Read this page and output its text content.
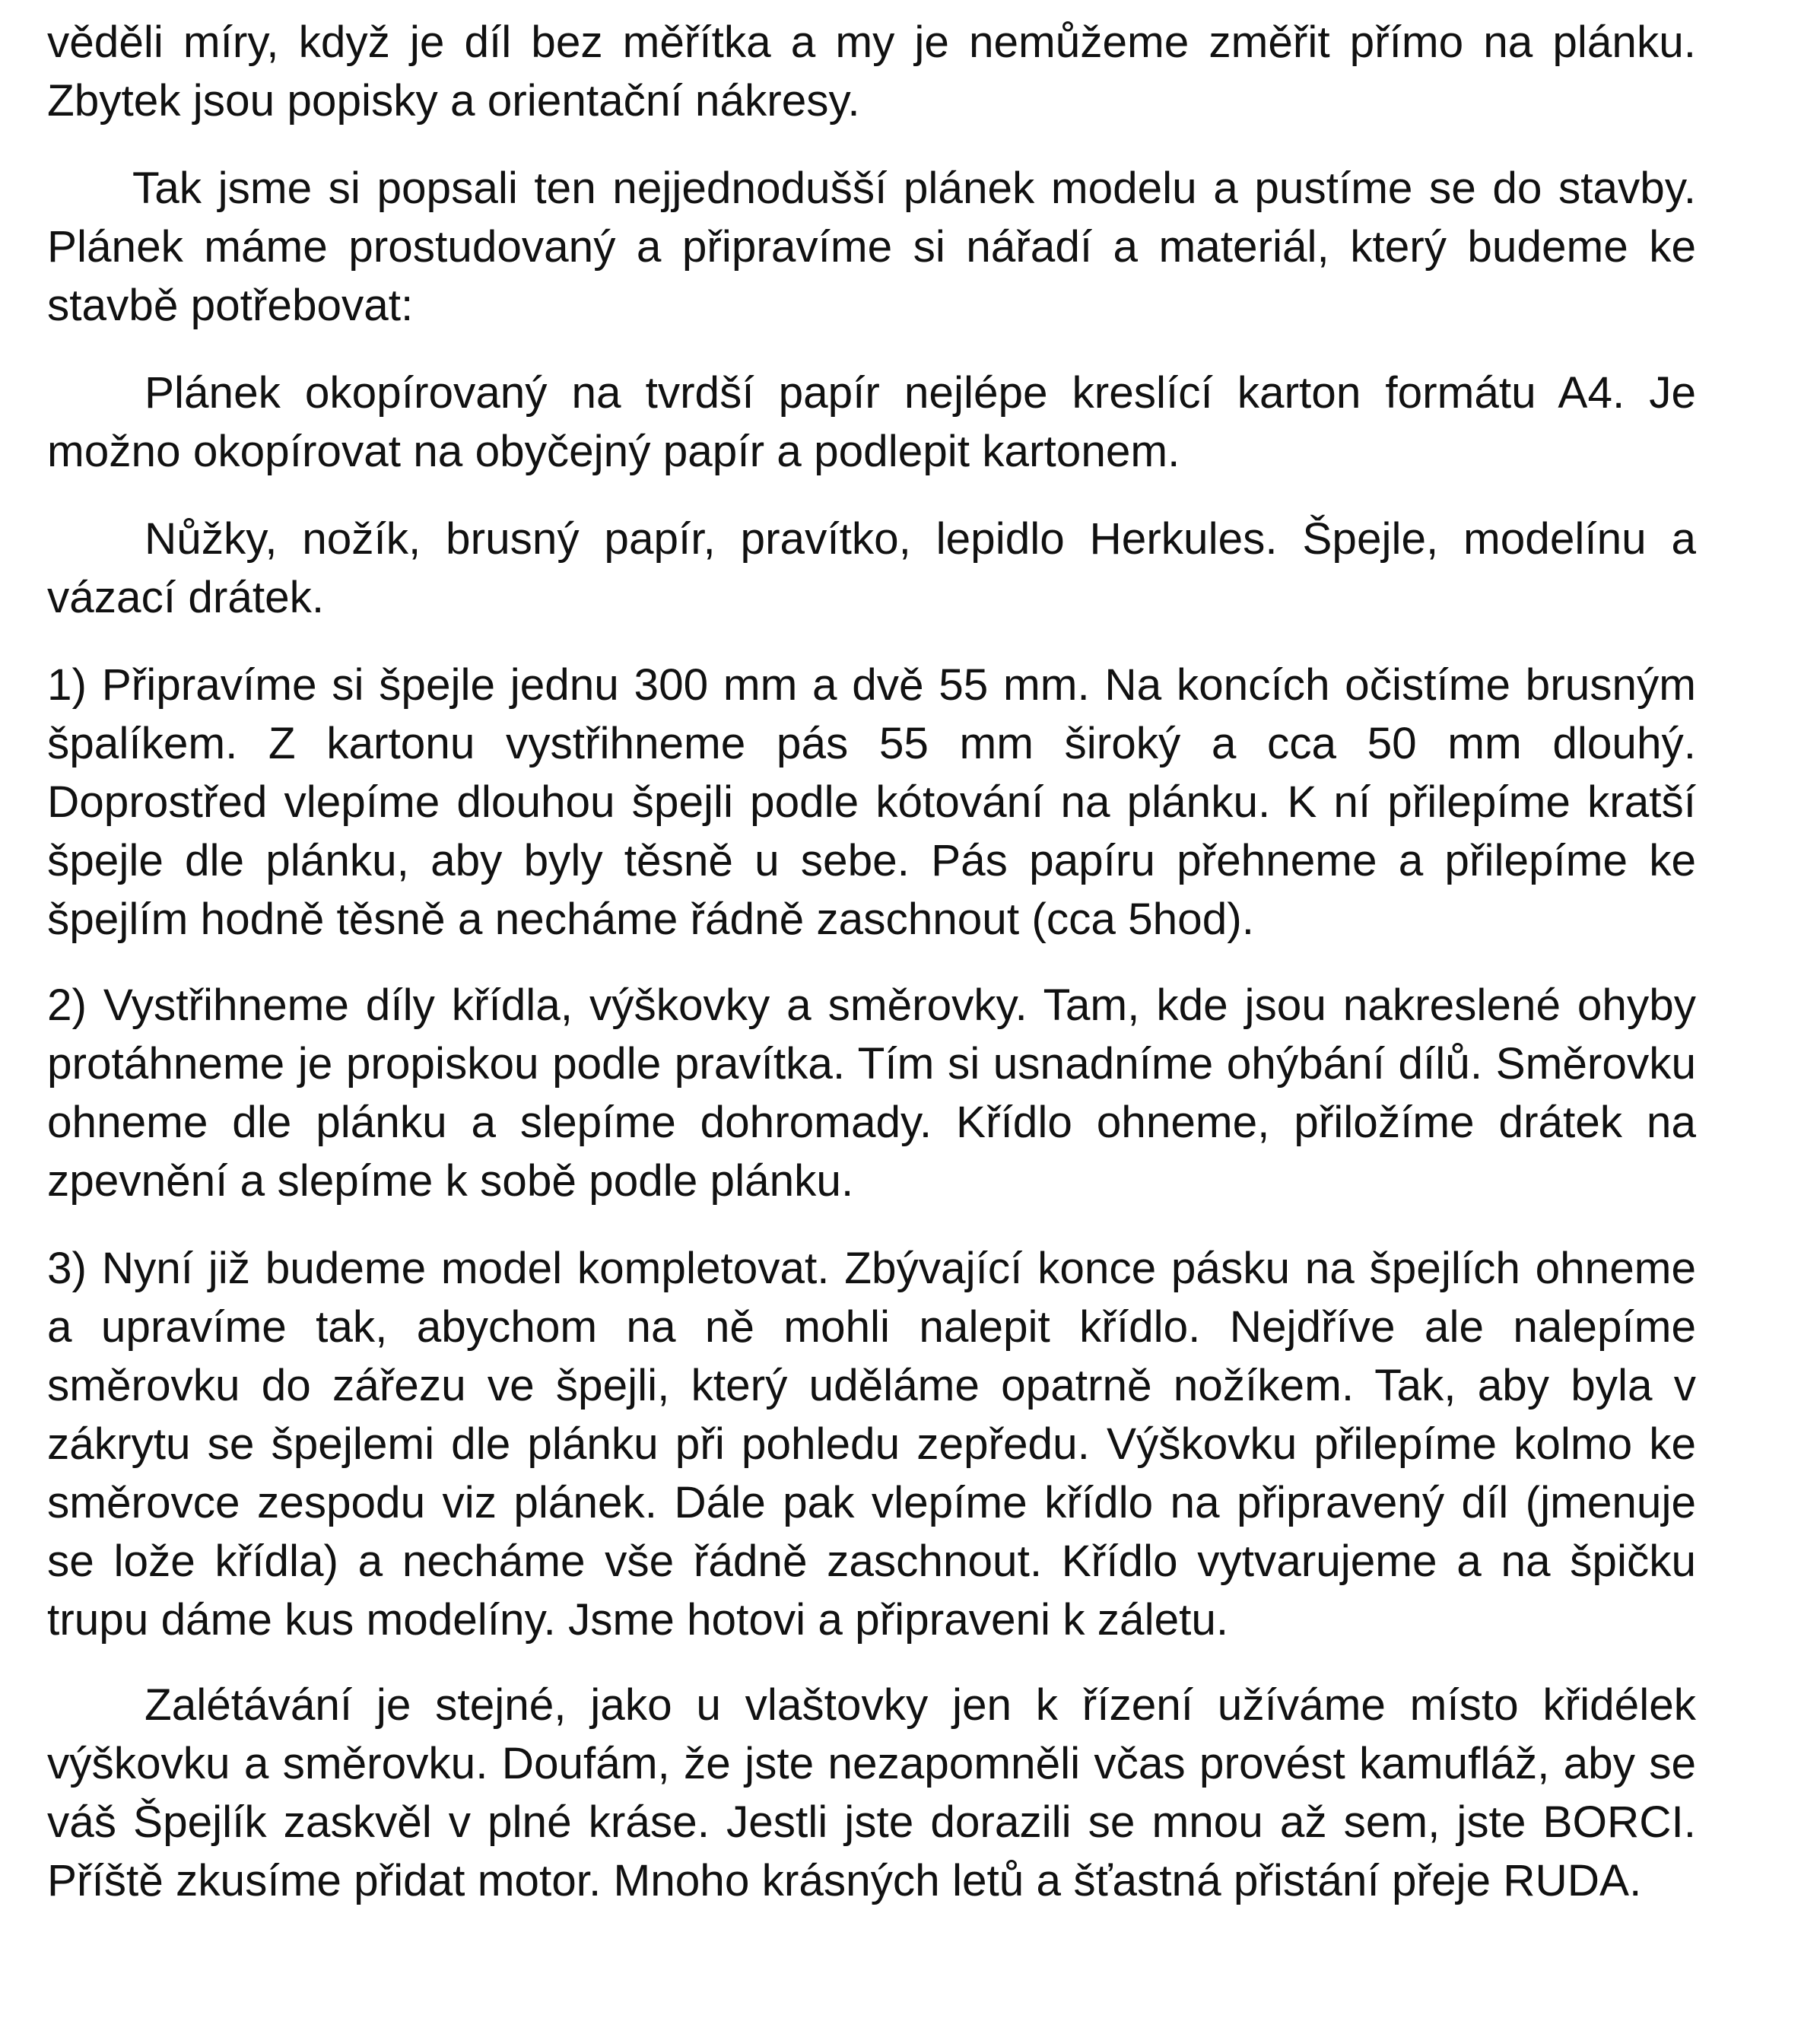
věděli míry, když je díl bez měřítka a my je nemůžeme změřit přímo na plánku. Zbytek jsou popisky a orientační nákresy.

Tak jsme si popsali ten nejjednodušší plánek modelu a pustíme se do stavby. Plánek máme prostudovaný a připravíme si nářadí a materiál, který budeme ke stavbě potřebovat:

Plánek okopírovaný na tvrdší papír nejlépe kreslící karton formátu A4. Je možno okopírovat na obyčejný papír a podlepit kartonem.

Nůžky, nožík, brusný papír, pravítko, lepidlo Herkules. Špejle, modelínu a vázací drátek.

1) Připravíme si špejle jednu 300 mm a dvě 55 mm. Na koncích očistíme brusným špalíkem. Z kartonu vystřihneme pás 55 mm široký a cca 50 mm dlouhý. Doprostřed vlepíme dlouhou špejli podle kótování na plánku. K ní přilepíme kratší špejle dle plánku, aby byly těsně u sebe. Pás papíru přehneme a přilepíme ke špejlím hodně těsně a necháme řádně zaschnout (cca 5hod).

2) Vystřihneme díly křídla, výškovky a směrovky. Tam, kde jsou nakreslené ohyby protáhneme je propiskou podle pravítka. Tím si usnadníme ohýbání dílů. Směrovku ohneme dle plánku a slepíme dohromady. Křídlo ohneme, přiložíme drátek na zpevnění a slepíme k sobě podle plánku.

3) Nyní již budeme model kompletovat. Zbývající konce pásku na špejlích ohneme a upravíme tak, abychom na ně mohli nalepit křídlo. Nejdříve ale nalepíme směrovku do zářezu ve špejli, který uděláme opatrně nožíkem. Tak, aby byla v zákrytu se špejlemi dle plánku při pohledu zepředu. Výškovku přilepíme kolmo ke směrovce zespodu viz plánek. Dále pak vlepíme křídlo na připravený díl (jmenuje se lože křídla) a necháme vše řádně zaschnout. Křídlo vytvarujeme a na špičku trupu dáme kus modelíny. Jsme hotovi a připraveni k záletu.

Zalétávání je stejné, jako u vlaštovky jen k řízení užíváme místo křidélek výškovku a směrovku. Doufám, že jste nezapomněli včas provést kamufláž, aby se váš Špejlík zaskvěl v plné kráse. Jestli jste dorazili se mnou až sem, jste BORCI. Příště zkusíme přidat motor. Mnoho krásných letů a šťastná přistání přeje RUDA.
